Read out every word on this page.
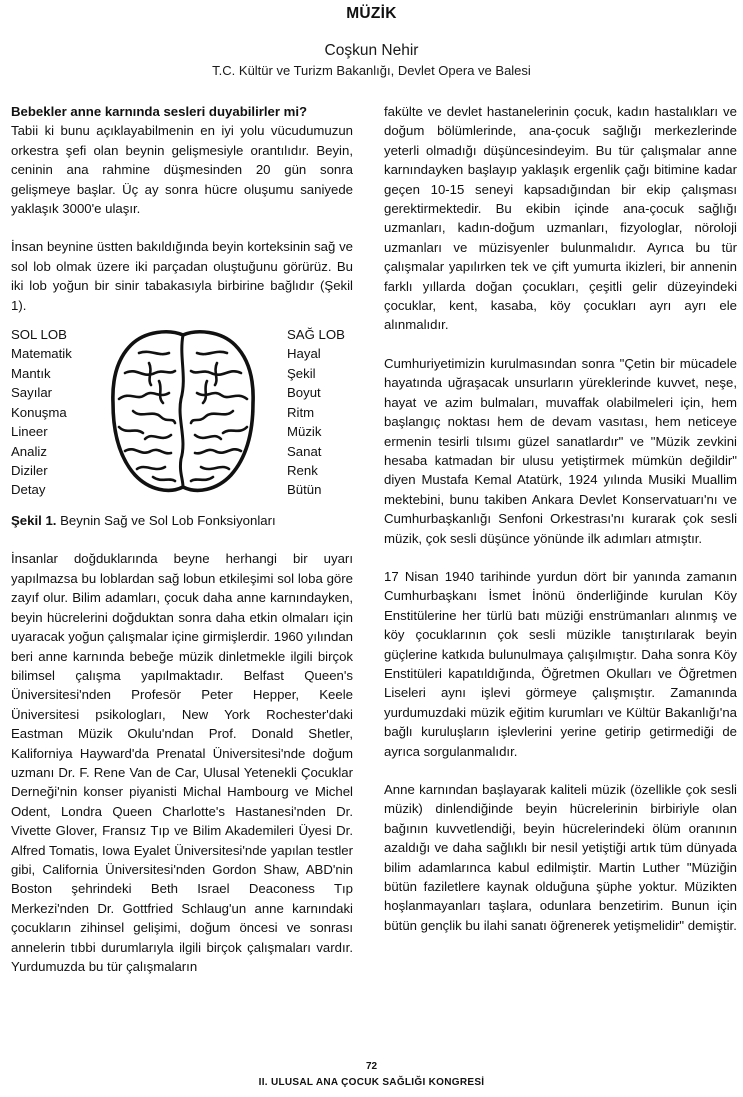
MÜZİK
Coşkun Nehir
T.C. Kültür ve Turizm Bakanlığı, Devlet Opera ve Balesi

Bebekler anne karnında sesleri duyabilirler mi?

Tabii ki bunu açıklayabilmenin en iyi yolu vücudumuzun orkestra şefi olan beynin gelişmesiyle orantılıdır. Beyin, ceninin ana rahmine düşmesinden 20 gün sonra gelişmeye başlar. Üç ay sonra hücre oluşumu saniyede yaklaşık 3000'e ulaşır.

İnsan beynine üstten bakıldığında beyin korteksinin sağ ve sol lob olmak üzere iki parçadan oluştuğunu görürüz. Bu iki lob yoğun bir sinir tabakasıyla birbirine bağlıdır (Şekil 1).

SOL LOB
Matematik
Mantık
Sayılar
Konuşma
Lineer
Analiz
Diziler
Detay
SAĞ LOB
Hayal
Şekil
Boyut
Ritm
Müzik
Sanat
Renk
Bütün
Şekil 1. Beynin Sağ ve Sol Lob Fonksiyonları

İnsanlar doğduklarında beyne herhangi bir uyarı yapılmazsa bu loblardan sağ lobun etkileşimi sol loba göre zayıf olur. Bilim adamları, çocuk daha anne karnındayken, beyin hücrelerini doğduktan sonra daha etkin olmaları için uyaracak yoğun çalışmalar içine girmişlerdir. 1960 yılından beri anne karnında bebeğe müzik dinletmekle ilgili birçok bilimsel çalışma yapılmaktadır. Belfast Queen's Üniversitesi'nden Profesör Peter Hepper, Keele Üniversitesi psikologları, New York Rochester'daki Eastman Müzik Okulu'ndan Prof. Donald Shetler, Kaliforniya Hayward'da Prenatal Üniversitesi'nde doğum uzmanı Dr. F. Rene Van de Car, Ulusal Yetenekli Çocuklar Derneği'nin konser piyanisti Michal Hambourg ve Michel Odent, Londra Queen Charlotte's Hastanesi'nden Dr. Vivette Glover, Fransız Tıp ve Bilim Akademileri Üyesi Dr. Alfred Tomatis, Iowa Eyalet Üniversitesi'nde yapılan testler gibi, California Üniversitesi'nden Gordon Shaw, ABD'nin Boston şehrindeki Beth Israel Deaconess Tıp Merkezi'nden Dr. Gottfried Schlaug'un anne karnındaki çocukların zihinsel gelişimi, doğum öncesi ve sonrası annelerin tıbbi durumlarıyla ilgili birçok çalışmaları vardır. Yurdumuzda bu tür çalışmaların

fakülte ve devlet hastanelerinin çocuk, kadın hastalıkları ve doğum bölümlerinde, ana-çocuk sağlığı merkezlerinde yeterli olmadığı düşüncesindeyim. Bu tür çalışmalar anne karnındayken başlayıp yaklaşık ergenlik çağı bitimine kadar geçen 10-15 seneyi kapsadığından bir ekip çalışması gerektirmektedir. Bu ekibin içinde ana-çocuk sağlığı uzmanları, kadın-doğum uzmanları, fizyologlar, nöroloji uzmanları ve müzisyenler bulunmalıdır. Ayrıca bu tür çalışmalar yapılırken tek ve çift yumurta ikizleri, bir annenin farklı yıllarda doğan çocukları, çeşitli gelir düzeyindeki çocuklar, kent, kasaba, köy çocukları ayrı ayrı ele alınmalıdır.

Cumhuriyetimizin kurulmasından sonra "Çetin bir mücadele hayatında uğraşacak unsurların yüreklerinde kuvvet, neşe, hayat ve azim bulmaları, muvaffak olabilmeleri için, hem başlangıç noktası hem de devam vasıtası, hem neticeye ermenin tesirli tılsımı güzel sanatlardır" ve "Müzik zevkini hesaba katmadan bir ulusu yetiştirmek mümkün değildir" diyen Mustafa Kemal Atatürk, 1924 yılında Musiki Muallim mektebini, bunu takiben Ankara Devlet Konservatuarı'nı ve Cumhurbaşkanlığı Senfoni Orkestrası'nı kurarak çok sesli müzik, çok sesli düşünce yönünde ilk adımları atmıştır.

17 Nisan 1940 tarihinde yurdun dört bir yanında zamanın Cumhurbaşkanı İsmet İnönü önderliğinde kurulan Köy Enstitülerine her türlü batı müziği enstrümanları alınmış ve köy çocuklarının çok sesli müzikle tanıştırılarak beyin güçlerine katkıda bulunulmaya çalışılmıştır. Daha sonra Köy Enstitüleri kapatıldığında, Öğretmen Okulları ve Öğretmen Liseleri aynı işlevi görmeye çalışmıştır. Zamanında yurdumuzdaki müzik eğitim kurumları ve Kültür Bakanlığı'na bağlı kuruluşların işlevlerini yerine getirip getirmediği de ayrıca sorgulanmalıdır.

Anne karnından başlayarak kaliteli müzik (özellikle çok sesli müzik) dinlendiğinde beyin hücrelerinin birbiriyle olan bağının kuvvetlendiği, beyin hücrelerindeki ölüm oranının azaldığı ve daha sağlıklı bir nesil yetiştiği artık tüm dünyada bilim adamlarınca kabul edilmiştir. Martin Luther "Müziğin bütün faziletlere kaynak olduğuna şüphe yoktur. Müzikten hoşlanmayanları taşlara, odunlara benzetirim. Bunun için bütün gençlik bu ilahi sanatı öğrenerek yetişmelidir" demiştir.

72
II. ULUSAL ANA ÇOCUK SAĞLIĞI KONGRESİ
